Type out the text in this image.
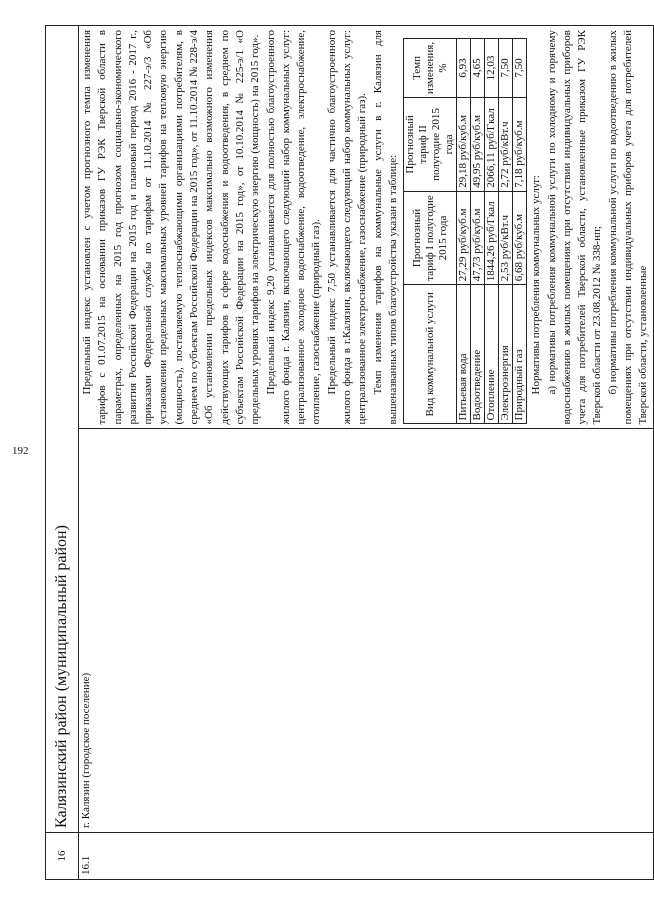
192
16	Калязинский район (муниципальный район)
16.1	г. Калязин (городское поселение)	

Предельный индекс установлен с учетом прогнозного темпа изменения тарифов с 01.07.2015 на основании приказов ГУ РЭК Тверской области в параметрах, определенных на 2015 год прогнозом социально-экономического развития Российской Федерации на 2015 год и плановый период 2016 - 2017 г., приказами Федеральной службы по тарифам от 11.10.2014 № 227-э/3 «Об установлении предельных максимальных уровней тарифов на тепловую энергию (мощность), поставляемую теплоснабжающими организациями потребителям, в среднем по субъектам Российской Федерации на 2015 год», от 11.10.2014 № 228-э/4 «Об установлении предельных индексов максимально возможного изменения действующих тарифов в сфере водоснабжения и водоотведения, в среднем по субъектам Российской Федерации на 2015 год», от 10.10.2014 № 225-э/1 «О предельных уровнях тарифов на электрическую энергию (мощность) на 2015 год». Предельный индекс 9,20 устанавливается для полностью благоустроенного жилого фонда г. Калязин, включающего следующий набор коммунальных услуг: централизованное холодное водоснабжение, водоотведение, электроснабжение, отопление, газоснабжение (природный газ). Предельный индекс 7,50 устанавливается для частично благоустроенного жилого фонда в г.Калязин, включающего следующий набор коммунальных услуг: централизованное электроснабжение, газоснабжение (природный газ). Темп изменения тарифов на коммунальные услуги в г. Калязин для вышеназванных типов благоустройства указан в таблице: Вид коммунальной услуги	Прогнозный тариф I полугодие 2015 года	Прогнозный тариф II полугодие 2015 года	Темп изменения, %
Питьевая вода	27,29 руб/куб.м	29,18 руб/куб.м	6,93
Водоотведение	47,73 руб/куб.м	49,95 руб/куб.м	4,65
Отопление	1844,26 руб/Гкал	2066,11 руб/Гкал	12,03
Электроэнергия	2,53 руб/кВт.ч	2,72 руб/кВт.ч	7,50
Природный газ	6,68 руб/куб.м	7,18 руб/куб.м	7,50

Нормативы потребления коммунальных услуг: а) нормативы потребления коммунальной услуги по холодному и горячему водоснабжению в жилых помещениях при отсутствии индивидуальных приборов учета для потребителей Тверской области, установленные приказом ГУ РЭК Тверской области от 23.08.2012 № 338-нп; б) нормативы потребления коммунальной услуги по водоотведению в жилых помещениях при отсутствии индивидуальных приборов учета для потребителей Тверской области, установленные
